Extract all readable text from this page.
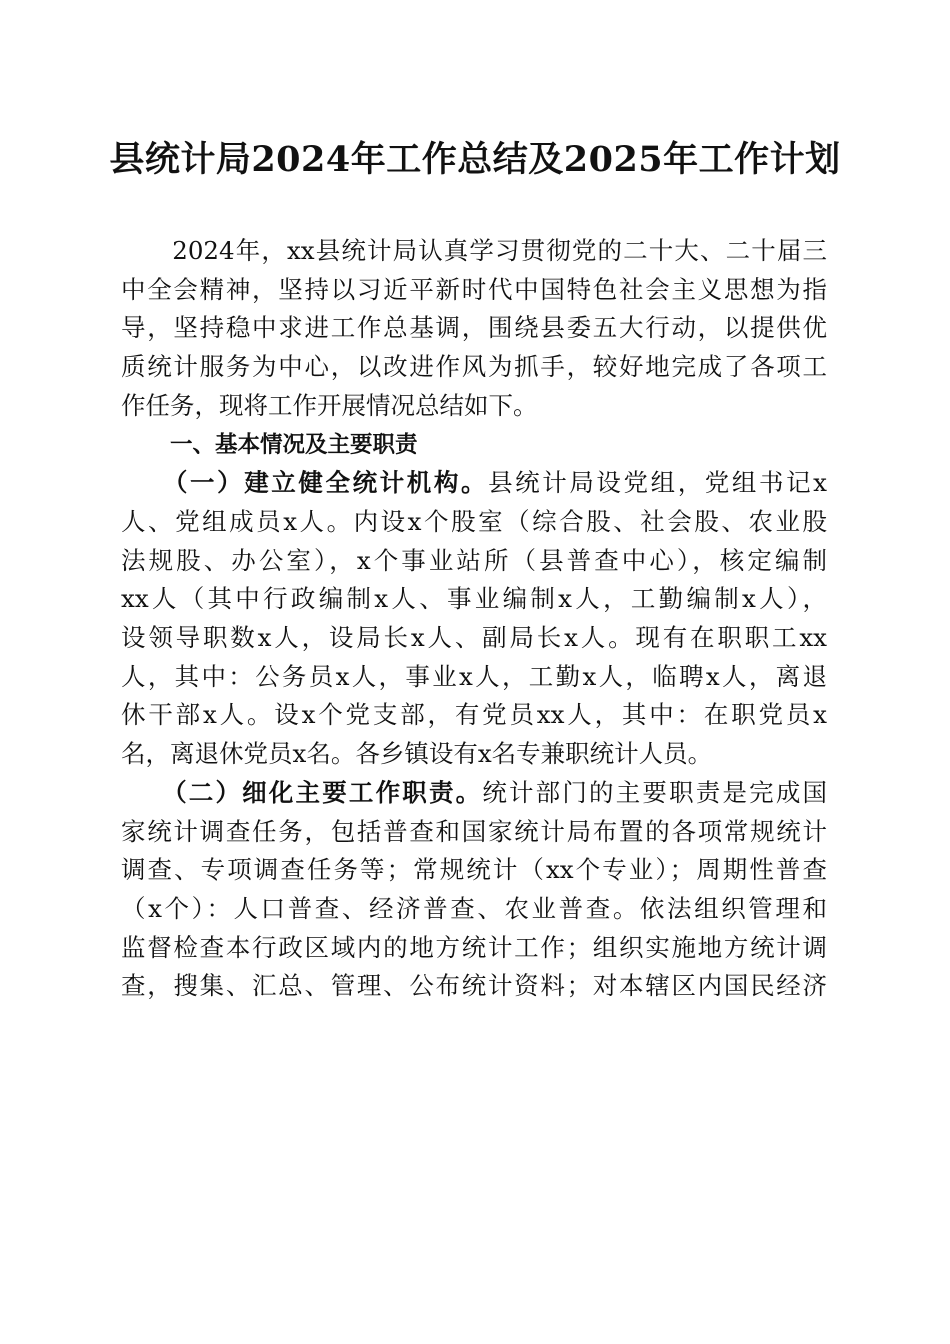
县统计局2024年工作总结及2025年工作计划
　　2024年，xx县统计局认真学习贯彻党的二十大、二十届三
中全会精神，坚持以习近平新时代中国特色社会主义思想为指
导，坚持稳中求进工作总基调，围绕县委五大行动，以提供优
质统计服务为中心，以改进作风为抓手，较好地完成了各项工
作任务，现将工作开展情况总结如下。
一、基本情况及主要职责
　　（一）建立健全统计机构。县统计局设党组，党组书记x
人、党组成员x人。内设x个股室（综合股、社会股、农业股
法规股、办公室），x个事业站所（县普查中心），核定编制
xx人（其中行政编制x人、事业编制x人，工勤编制x人），
设领导职数x人，设局长x人、副局长x人。现有在职职工xx
人，其中：公务员x人，事业x人，工勤x人，临聘x人，离退
休干部x人。设x个党支部，有党员xx人，其中：在职党员x
名，离退休党员x名。各乡镇设有x名专兼职统计人员。
　　（二）细化主要工作职责。统计部门的主要职责是完成国
家统计调查任务，包括普查和国家统计局布置的各项常规统计
调查、专项调查任务等；常规统计（xx个专业）；周期性普查
（x个）：人口普查、经济普查、农业普查。依法组织管理和
监督检查本行政区域内的地方统计工作；组织实施地方统计调
查，搜集、汇总、管理、公布统计资料；对本辖区内国民经济
